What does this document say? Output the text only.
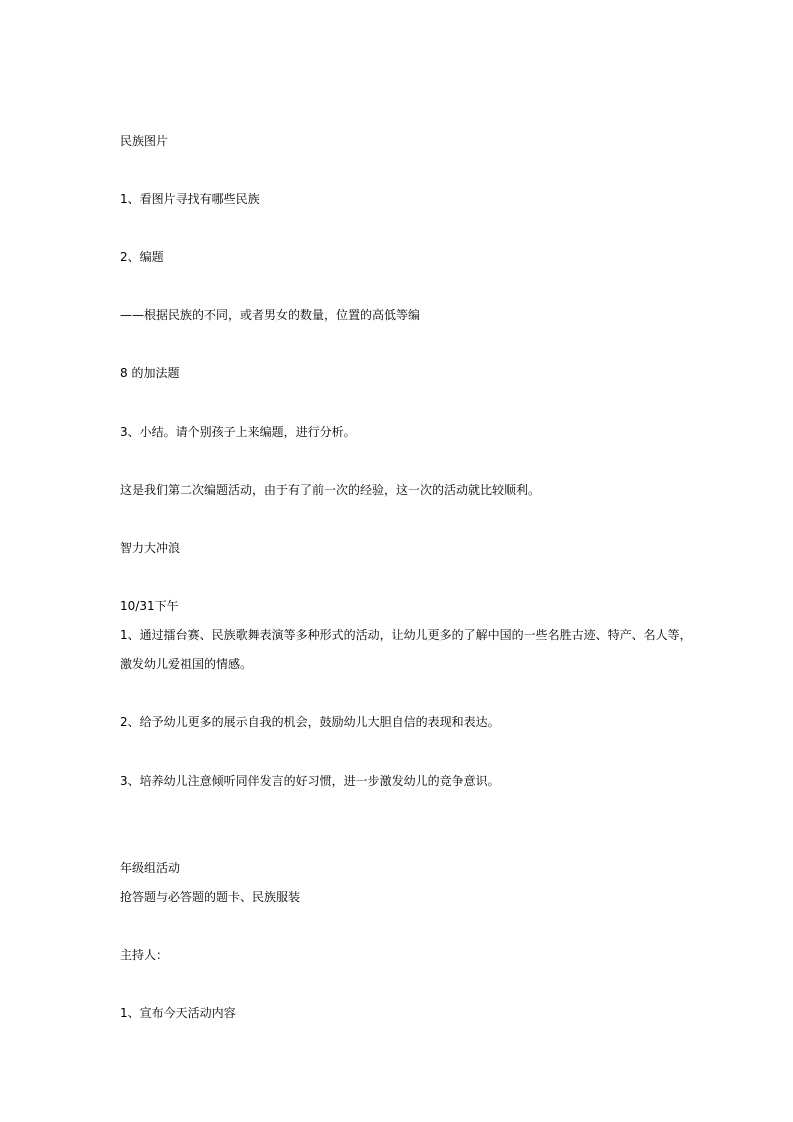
民族图片
1、看图片寻找有哪些民族
2、编题
——根据民族的不同，或者男女的数量，位置的高低等编
8 的加法题
3、小结。请个别孩子上来编题，进行分析。
这是我们第二次编题活动，由于有了前一次的经验，这一次的活动就比较顺利。
智力大冲浪
10/31下午
1、通过擂台赛、民族歌舞表演等多种形式的活动，让幼儿更多的了解中国的一些名胜古迹、特产、名人等，
激发幼儿爱祖国的情感。
2、给予幼儿更多的展示自我的机会，鼓励幼儿大胆自信的表现和表达。
3、培养幼儿注意倾听同伴发言的好习惯，进一步激发幼儿的竞争意识。
年级组活动
抢答题与必答题的题卡、民族服装
主持人：
1、宣布今天活动内容
